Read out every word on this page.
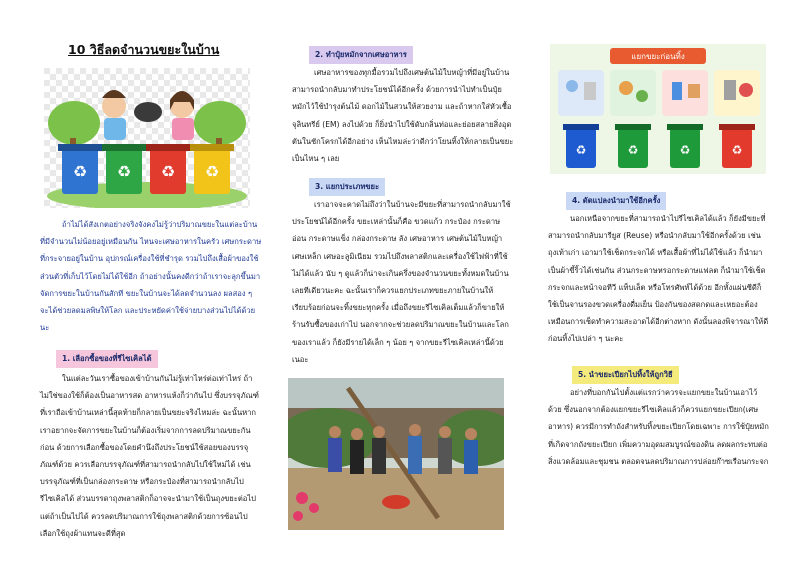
10 วิธีลดจำนวนขยะในบ้าน
♻ ♻ ♻ ♻

ถ้าไม่ได้สังเกตอย่างจริงจังคงไม่รู้ว่าปริมาณขยะในแต่ละบ้าน ที่มีจำนวนไม่น้อยอยู่เหมือนกัน ไหนจะเศษอาหารในครัว เศษกระดาษที่กระจายอยู่ในบ้าน อุปกรณ์เครื่องใช้ที่ชำรุด รวมไปถึงเสื้อผ้าของใช้ส่วนตัวที่เก็บไว้โดยไม่ได้ใช้อีก ถ้าอย่างนั้นคงดีกว่าถ้าเราจะลุกขึ้นมาจัดการขยะในบ้านกันสักที ขยะในบ้านจะได้ลดจำนวนลง ผลสอง ๆ จะได้ช่วยลดมลพิษให้โลก และประหยัดค่าใช้จ่ายบางส่วนไปได้ด้วยนะ

1. เลือกซื้อของที่รีไซเคิลได้

ในแต่ละวันเราซื้อของเข้าบ้านกันไม่รู้เท่าไหร่ต่อเท่าไหร่ ถ้าไม่ใช่ของใช้ก็ต้องเป็นอาหารสด อาหารแห้งก็ว่ากันไป ซึ่งบรรจุภัณฑ์ที่เราถือเข้าบ้านเหล่านี้สุดท้ายก็กลายเป็นขยะจริงไหมล่ะ ฉะนั้นหากเราอยากจะจัดการขยะในบ้านก็ต้องเริ่มจากการลดปริมาณขยะกันก่อน ด้วยการเลือกซื้อของโดยคำนึงถึงประโยชน์ใช้สอยของบรรจุภัณฑ์ด้วย ควรเลือกบรรจุภัณฑ์ที่สามารถนำกลับไปใช้ใหม่ได้ เช่น บรรจุภัณฑ์ที่เป็นกล่องกระดาษ หรือกระป๋องที่สามารถนำกลับไปรีไซเคิลได้ ส่วนบรรดาถุงพลาสติกก็อาจจะนำมาใช้เป็นถุงขยะต่อไป แต่ถ้าเป็นไปได้ ควรลดปริมาณการใช้ถุงพลาสติกด้วยการซ้อนไปเลือกใช้ถุงผ้าแทนจะดีที่สุด

2. ทำปุ๋ยหมักจากเศษอาหาร

เศษอาหารของทุกมื้อรวมไปถึงเศษต้นไม้ใบหญ้าที่มีอยู่ในบ้านสามารถนำกลับมาทำประโยชน์ได้อีกครั้ง ด้วยการนำไปทำเป็นปุ๋ยหมักไว้ใช้บำรุงต้นไม้ ดอกไม้ในสวนให้สวยงาม และถ้าหากใส่หัวเชื้อจุลินทรีย์ (EM) ลงไปด้วย ก็ยิ่งนำไปใช้ดับกลิ่นท่อและย่อยสลายสิ่งอุดตันในชักโครกได้อีกอย่าง เห็นไหมล่ะว่าดีกว่าโยนทิ้งให้กลายเป็นขยะเป็นไหน ๆ เลย

3. แยกประเภทขยะ

เราอาจจะคาดไม่ถึงว่าในบ้านจะมีขยะที่สามารถนำกลับมาใช้ประโยชน์ได้อีกครั้ง ขยะเหล่านั้นก็คือ ขวดแก้ว กระป๋อง กระดาษอ่อน กระดาษแข็ง กล่องกระดาษ ลัง เศษอาหาร เศษต้นไม้ใบหญ้า เศษเหล็ก เศษอะลูมิเนียม รวมไปถึงพลาสติกและเครื่องใช้ไฟฟ้าที่ใช้ไม่ได้แล้ว นับ ๆ ดูแล้วก็น่าจะเกินครึ่งของจำนวนขยะทั้งหมดในบ้านเลยทีเดียวนะคะ ฉะนั้นเราก็ควรแยกประเภทขยะภายในบ้านให้เรียบร้อยก่อนจะทิ้งขยะทุกครั้ง เมื่อถึงขยะรีไซเคิลเต็มแล้วก็ขายให้ร้านรับซื้อของเก่าไป นอกจากจะช่วยลดปริมาณขยะในบ้านและโลกของเราแล้ว ก็ยังมีรายได้เล็ก ๆ น้อย ๆ จากขยะรีไซเคิลเหล่านี้ด้วยเนอะ

แยกขยะก่อนทิ้ง
♻	♻	♻	♻
4. ดัดแปลงนำมาใช้อีกครั้ง

นอกเหนือจากขยะที่สามารถนำไปรีไซเคิลได้แล้ว ก็ยังมีขยะที่สามารถนำกลับมารียูส (Reuse) หรือนำกลับมาใช้อีกครั้งด้วย เช่น ถุงเท้าเก่า เอามาใช้เช็ดกระจกได้ หรือเสื้อผ้าที่ไม่ได้ใช้แล้ว ก็นำมาเป็นผ้าขี้ริ้วได้เช่นกัน ส่วนกระดาษหรอกระดาษแฟลต ก็นำมาใช้เช็ดกระจกและหน้าจอทีวี แท็บเล็ต หรือโทรศัพท์ได้ด้วย อีกทั้งแผ่นซีดีก็ใช้เป็นจานรองขวดเครื่องดื่มเย็น ป้องกันของสดกดและเหยอะต้องเหมือนการเช็ดทำความสะอาดได้อีกต่างหาก ดังนั้นลองพิจารณาให้ดีก่อนทิ้งไปเปล่า ๆ นะคะ

5. นำขยะเปียกไปทิ้งให้ถูกวิธี

อย่างที่บอกกันไปตั้งแต่แรกว่าควรจะแยกขยะในบ้านเอาไว้ด้วย ซึ่งนอกจากต้องแยกขยะรีไซเคิลแล้วก็ควรแยกขยะเปียก(เศษอาหาร) ควรมีการทำถังสำหรับทิ้งขยะเปียกโดยเฉพาะ การใช้ปุ๋ยหมักที่เกิดจากถังขยะเปียก เพิ่มความอุดมสมบูรณ์ของดิน ลดผลกระทบต่อสิ่งแวดล้อมและชุมชน ตลอดจนลดปริมาณการปล่อยก๊าซเรือนกระจก
